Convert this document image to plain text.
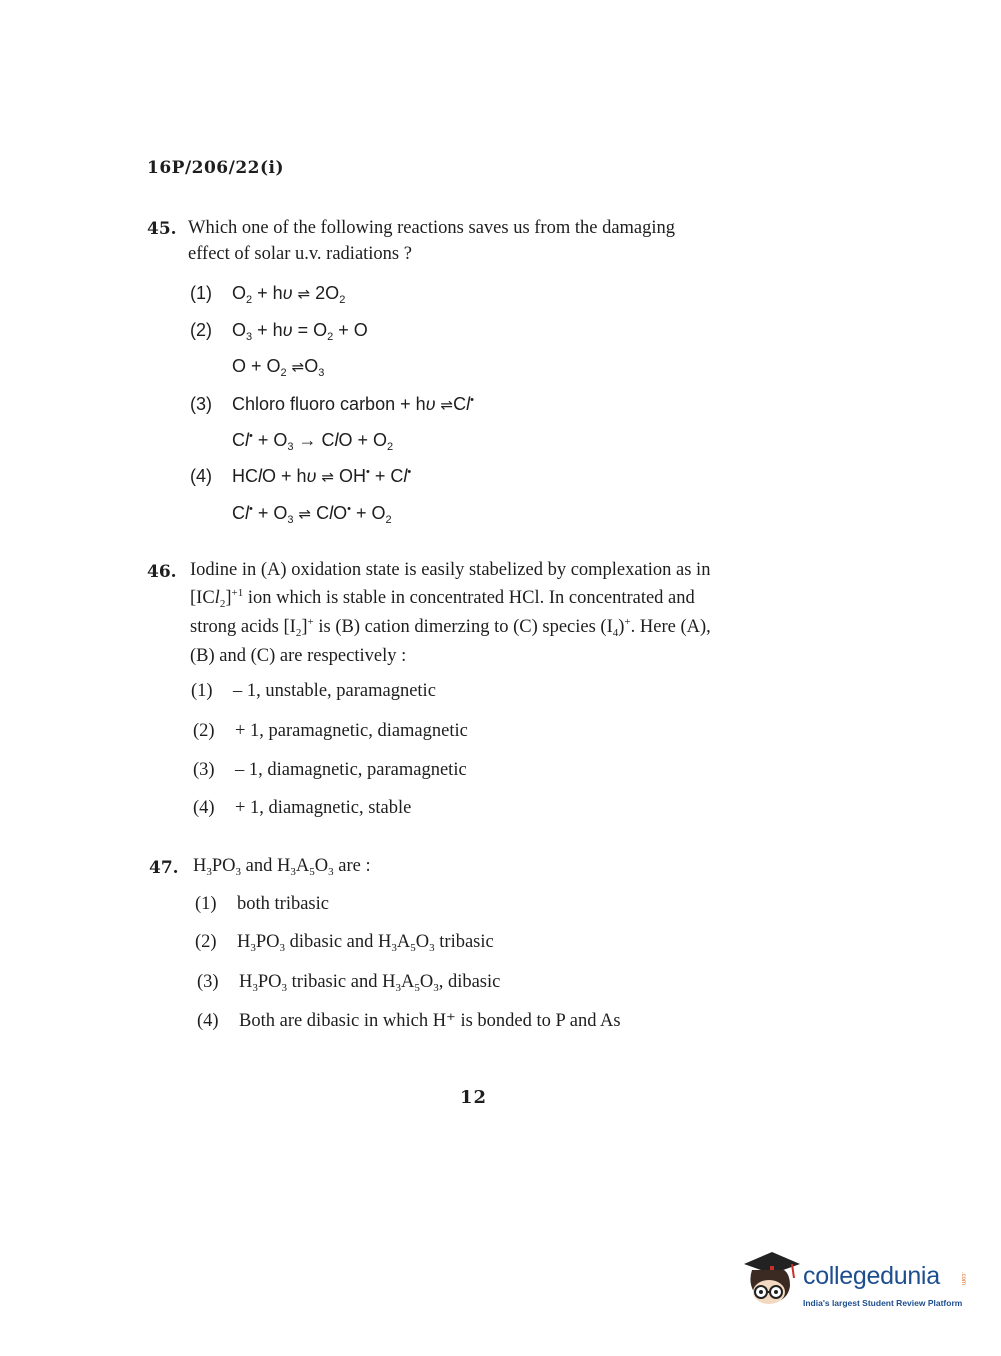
16P/206/22(i)
45. Which one of the following reactions saves us from the damaging
effect of solar u.v. radiations ?
(1) $O_2 + h\upsilon$ ⇌ $2O_2$
(2) $O_3 + h\upsilon = O_2 + O$
$O + O_2$ $\rightleftharpoons O_3$
(3) Chloro fluoro carbon + hυ ⇌Cl•
$Cl^• + O_3$ → ClO + $O_2$
(4) HClO + hυ ⇌ OH• + Cl•
$Cl^• + O_3$ ⇌ $ClO^• + O_2$
46. Iodine in (A) oxidation state is easily stabelized by complexation as in
$[ICl_2]^{+1}$ ion which is stable in concentrated HCl. In concentrated and
strong acids $[I_2]^+$ is (B) cation dimerzing to (C) species $(I_4)^+$. Here (A),
(B) and (C) are respectively :
(1) – 1, unstable, paramagnetic
(2) + 1, paramagnetic, diamagnetic
(3) – 1, diamagnetic, paramagnetic
(4) + 1, diamagnetic, stable
47. $H_3PO_3$ and $H_3A_5O_3$ are :
(1) both tribasic
(2) $H_3PO_3$ dibasic and $H_3A_5O_3$ tribasic
(3) $H_3PO_3$ tribasic and $H_3A_5O_3$, dibasic
(4) Both are dibasic in which H⁺ is bonded to P and As
12
collegedunia	.com
India's largest Student Review Platform
